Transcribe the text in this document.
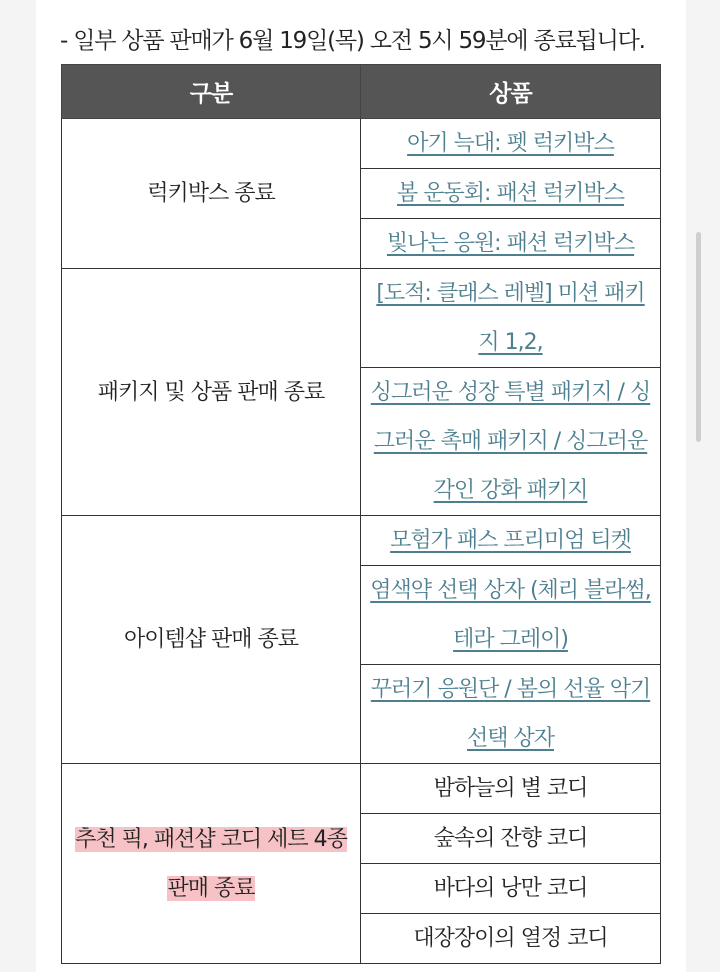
- 일부 상품 판매가 6월 19일(목) 오전 5시 59분에 종료됩니다.
구분	상품
럭키박스 종료	아기 늑대: 펫 럭키박스
	봄 운동회: 패션 럭키박스
	빛나는 응원: 패션 럭키박스
패키지 및 상품 판매 종료	[도적: 클래스 레벨] 미션 패키지 1,2,
	싱그러운 성장 특별 패키지 / 싱그러운 촉매 패키지 / 싱그러운 각인 강화 패키지
아이템샵 판매 종료	모험가 패스 프리미엄 티켓
	염색약 선택 상자 (체리 블라썸, 테라 그레이)
	꾸러기 응원단 / 봄의 선율 악기 선택 상자
추천 픽, 패션샵 코디 세트 4종 판매 종료	밤하늘의 별 코디
	숲속의 잔향 코디
	바다의 낭만 코디
	대장장이의 열정 코디
